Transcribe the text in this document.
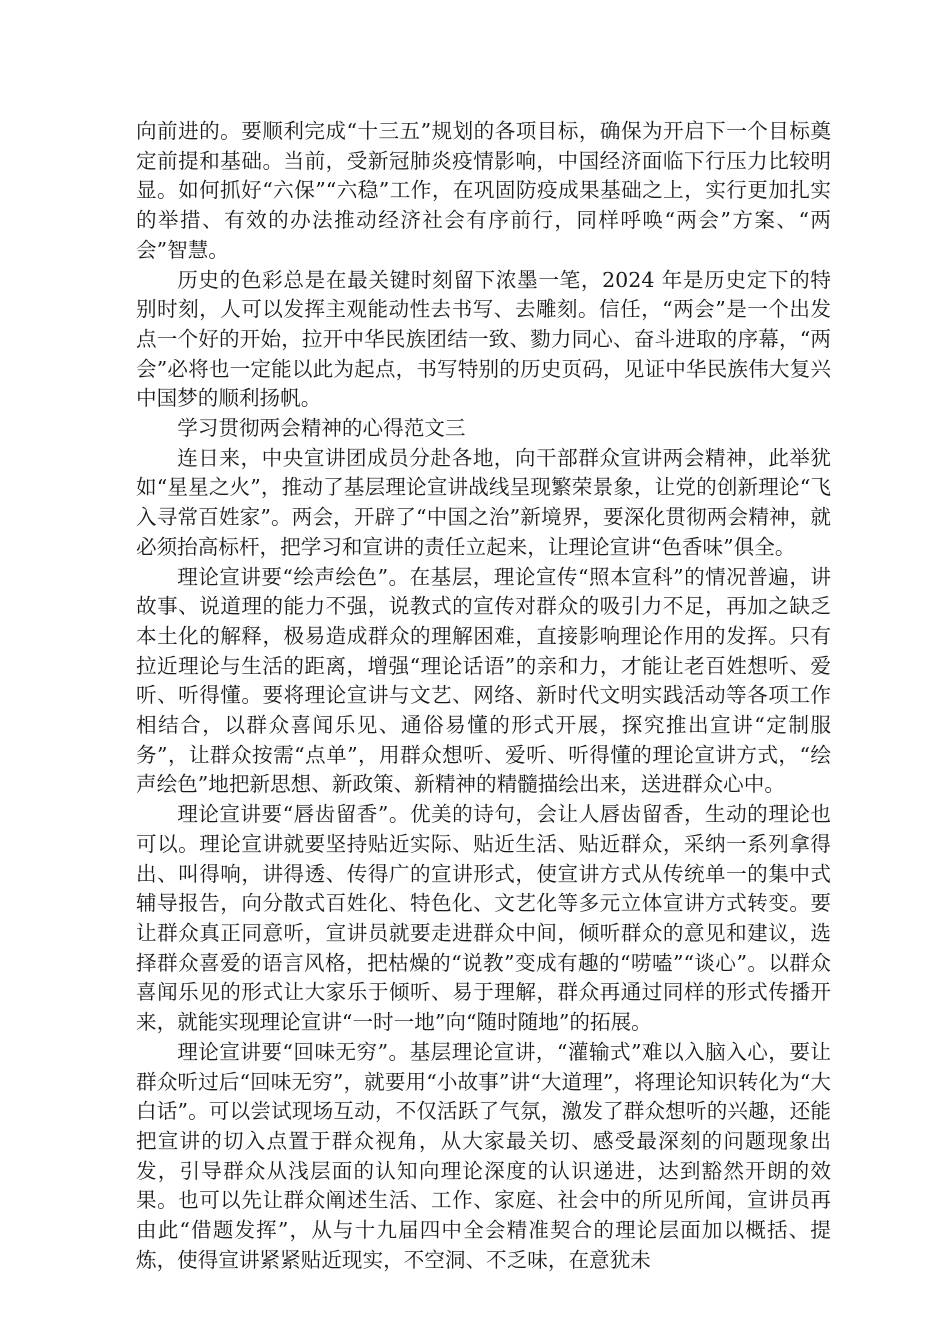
向前进的。要顺利完成“十三五”规划的各项目标，确保为开启下一个目标奠定前提和基础。当前，受新冠肺炎疫情影响，中国经济面临下行压力比较明显。如何抓好“六保”“六稳”工作，在巩固防疫成果基础之上，实行更加扎实的举措、有效的办法推动经济社会有序前行，同样呼唤“两会”方案、“两会”智慧。

历史的色彩总是在最关键时刻留下浓墨一笔，2024 年是历史定下的特别时刻，人可以发挥主观能动性去书写、去雕刻。信任，“两会”是一个出发点一个好的开始，拉开中华民族团结一致、勠力同心、奋斗进取的序幕，“两会”必将也一定能以此为起点，书写特别的历史页码，见证中华民族伟大复兴中国梦的顺利扬帆。

学习贯彻两会精神的心得范文三

连日来，中央宣讲团成员分赴各地，向干部群众宣讲两会精神，此举犹如“星星之火”，推动了基层理论宣讲战线呈现繁荣景象，让党的创新理论“飞入寻常百姓家”。两会，开辟了“中国之治”新境界，要深化贯彻两会精神，就必须抬高标杆，把学习和宣讲的责任立起来，让理论宣讲“色香味”俱全。

理论宣讲要“绘声绘色”。在基层，理论宣传“照本宣科”的情况普遍，讲故事、说道理的能力不强，说教式的宣传对群众的吸引力不足，再加之缺乏本土化的解释，极易造成群众的理解困难，直接影响理论作用的发挥。只有拉近理论与生活的距离，增强“理论话语”的亲和力，才能让老百姓想听、爱听、听得懂。要将理论宣讲与文艺、网络、新时代文明实践活动等各项工作相结合，以群众喜闻乐见、通俗易懂的形式开展，探究推出宣讲“定制服务”，让群众按需“点单”，用群众想听、爱听、听得懂的理论宣讲方式，“绘声绘色”地把新思想、新政策、新精神的精髓描绘出来，送进群众心中。

理论宣讲要“唇齿留香”。优美的诗句，会让人唇齿留香，生动的理论也可以。理论宣讲就要坚持贴近实际、贴近生活、贴近群众，采纳一系列拿得出、叫得响，讲得透、传得广的宣讲形式，使宣讲方式从传统单一的集中式辅导报告，向分散式百姓化、特色化、文艺化等多元立体宣讲方式转变。要让群众真正同意听，宣讲员就要走进群众中间，倾听群众的意见和建议，选择群众喜爱的语言风格，把枯燥的“说教”变成有趣的“唠嗑”“谈心”。以群众喜闻乐见的形式让大家乐于倾听、易于理解，群众再通过同样的形式传播开来，就能实现理论宣讲“一时一地”向“随时随地”的拓展。

理论宣讲要“回味无穷”。基层理论宣讲，“灌输式”难以入脑入心，要让群众听过后“回味无穷”，就要用“小故事”讲“大道理”，将理论知识转化为“大白话”。可以尝试现场互动，不仅活跃了气氛，激发了群众想听的兴趣，还能把宣讲的切入点置于群众视角，从大家最关切、感受最深刻的问题现象出发，引导群众从浅层面的认知向理论深度的认识递进，达到豁然开朗的效果。也可以先让群众阐述生活、工作、家庭、社会中的所见所闻，宣讲员再由此“借题发挥”，从与十九届四中全会精准契合的理论层面加以概括、提炼，使得宣讲紧紧贴近现实，不空洞、不乏味，在意犹未
